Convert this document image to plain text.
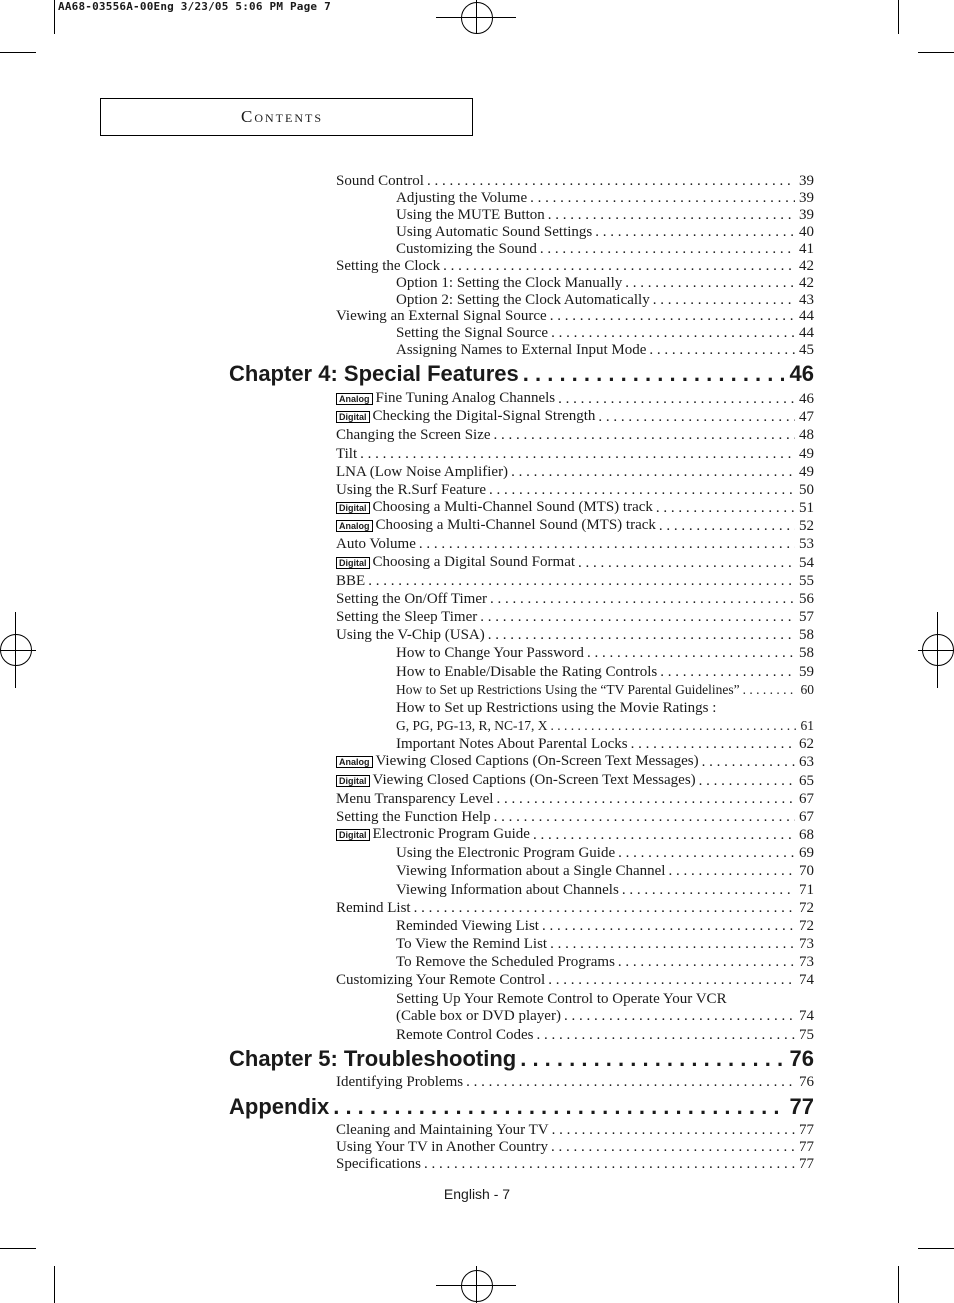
AA68-03556A-00Eng 3/23/05 5:06 PM Page 7
Contents
Sound Control . . .	39
Adjusting the Volume . . .	39
Using the MUTE Button . . .	39
Using Automatic Sound Settings . . .	40
Customizing the Sound . . .	41
Setting the Clock . . .	42
Option 1: Setting the Clock Manually . . .	42
Option 2: Setting the Clock Automatically . . .	43
Viewing an External Signal Source . . .	44
Setting the Signal Source . . .	44
Assigning Names to External Input Mode . . .	45
Chapter 4: Special Features . . .	46
Analog Fine Tuning Analog Channels . . .	46
Digital Checking the Digital-Signal Strength . . .	47
Changing the Screen Size . . .	48
Tilt . . .	49
LNA (Low Noise Amplifier) . . .	49
Using the R.Surf Feature . . .	50
Digital Choosing a Multi-Channel Sound (MTS) track . . .	51
Analog Choosing a Multi-Channel Sound (MTS) track . . .	52
Auto Volume . . .	53
Digital Choosing a Digital Sound Format . . .	54
BBE . . .	55
Setting the On/Off Timer . . .	56
Setting the Sleep Timer . . .	57
Using the V-Chip (USA) . . .	58
How to Change Your Password . . .	58
How to Enable/Disable the Rating Controls . . .	59
How to Set up Restrictions Using the “TV Parental Guidelines” . . .	60
How to Set up Restrictions using the Movie Ratings :
G, PG, PG-13, R, NC-17, X . . .	61
Important Notes About Parental Locks . . .	62
Analog Viewing Closed Captions (On-Screen Text Messages) . . .	63
Digital Viewing Closed Captions (On-Screen Text Messages) . . .	65
Menu Transparency Level . . .	67
Setting the Function Help . . .	67
Digital Electronic Program Guide . . .	68
Using the Electronic Program Guide . . .	69
Viewing Information about a Single Channel . . .	70
Viewing Information about Channels . . .	71
Remind List . . .	72
Reminded Viewing List . . .	72
To View the Remind List . . .	73
To Remove the Scheduled Programs . . .	73
Customizing Your Remote Control . . .	74
Setting Up Your Remote Control to Operate Your VCR
(Cable box or DVD player) . . .	74
Remote Control Codes . . .	75
Chapter 5: Troubleshooting . . .	76
Identifying Problems . . .	76
Appendix . . .	77
Cleaning and Maintaining Your TV . . .	77
Using Your TV in Another Country . . .	77
Specifications . . .	77
English - 7
